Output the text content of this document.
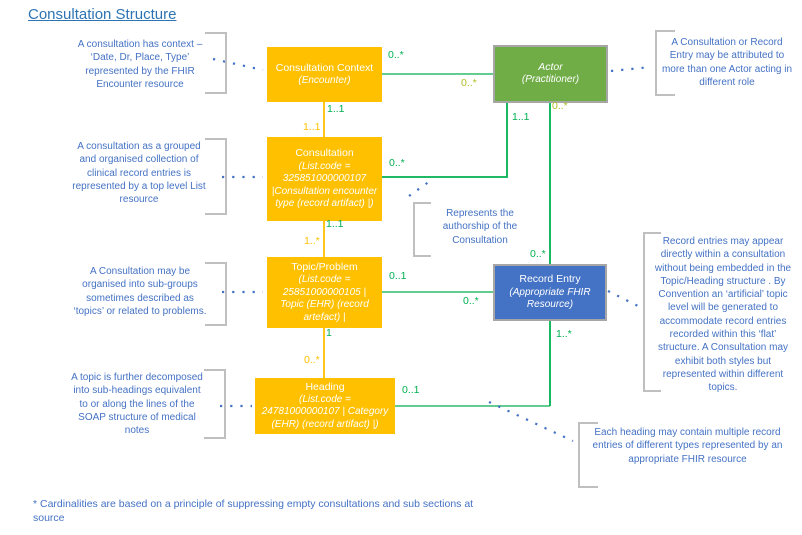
Consultation Structure
Consultation Context
(Encounter)
Actor
(Practitioner)
Consultation
(List.code = 325851000000107 |Consultation encounter type (record artifact) |)
Topic/Problem
(List.code = 25851000000105 | Topic (EHR) (record artefact) |
Record Entry
(Appropriate FHIR Resource)
Heading
(List.code = 24781000000107 | Category (EHR) (record artifact) |)
A consultation has context – ‘Date, Dr, Place, Type’ represented by the FHIR Encounter resource
A consultation as a grouped and organised collection of clinical record entries is represented by a top level List resource
A Consultation may be organised into sub-groups sometimes described as ‘topics’ or related to problems.
A topic is further decomposed into sub-headings equivalent to or along the lines of the SOAP structure of medical notes
A Consultation or Record Entry may be attributed to more than one Actor acting in different role
Represents the authorship of the Consultation	Record entries may appear directly within a consultation without being embedded in the Topic/Heading structure . By Convention an ‘artificial’ topic level will be generated to accommodate record entries recorded within this ‘flat’ structure. A Consultation may exhibit both styles but represented within different topics.
Each heading may contain multiple record entries of different types represented by an appropriate FHIR resource
0..*
0..*
1..1
1..1
0..*
1..1
0..*
1..1
1..*
0..1
0..*
0..*
1
0..*
0..1
1..*
* Cardinalities are based on a principle of suppressing empty consultations and sub sections at source
